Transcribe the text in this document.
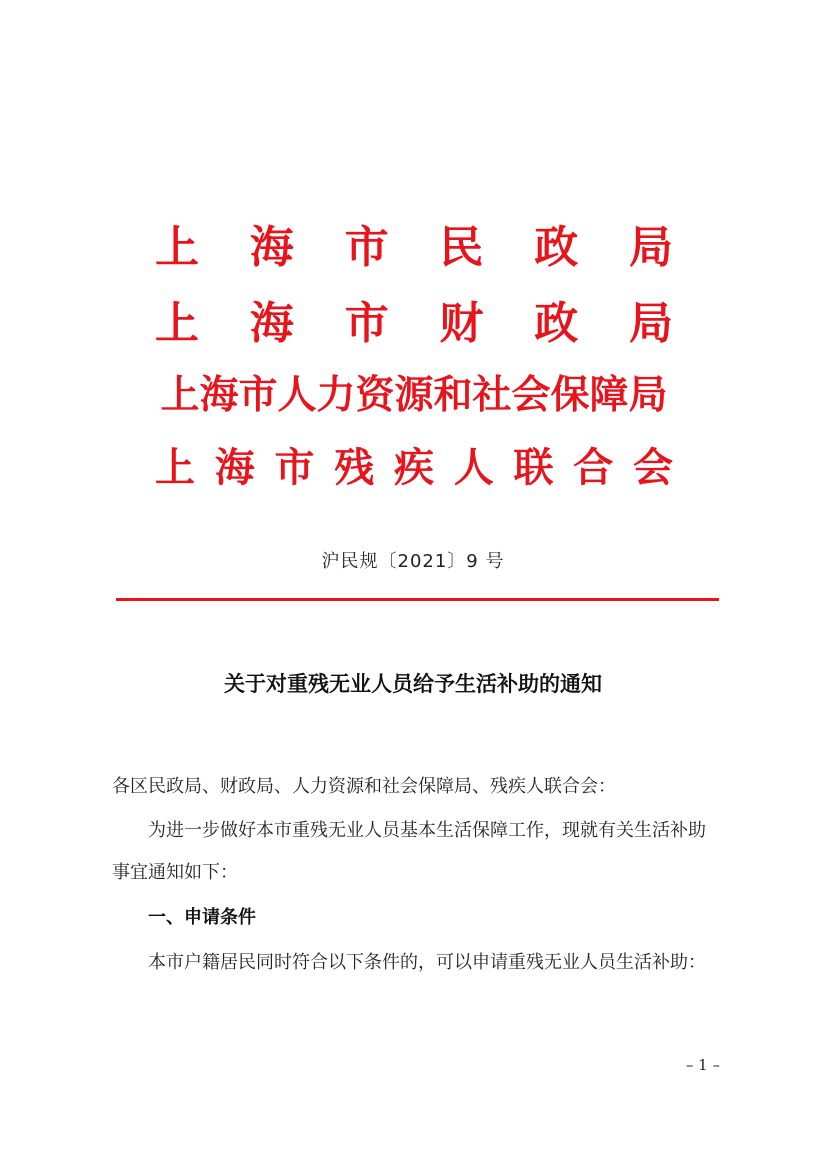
上 海 市 民 政 局
上 海 市 财 政 局
上海市人力资源和社会保障局
上 海 市 残 疾 人 联 合 会
沪民规〔2021〕9 号
关于对重残无业人员给予生活补助的通知
各区民政局、财政局、人力资源和社会保障局、残疾人联合会：
为进一步做好本市重残无业人员基本生活保障工作，现就有关生活补助事宜通知如下：
一、申请条件
本市户籍居民同时符合以下条件的，可以申请重残无业人员生活补助：
– 1 –
